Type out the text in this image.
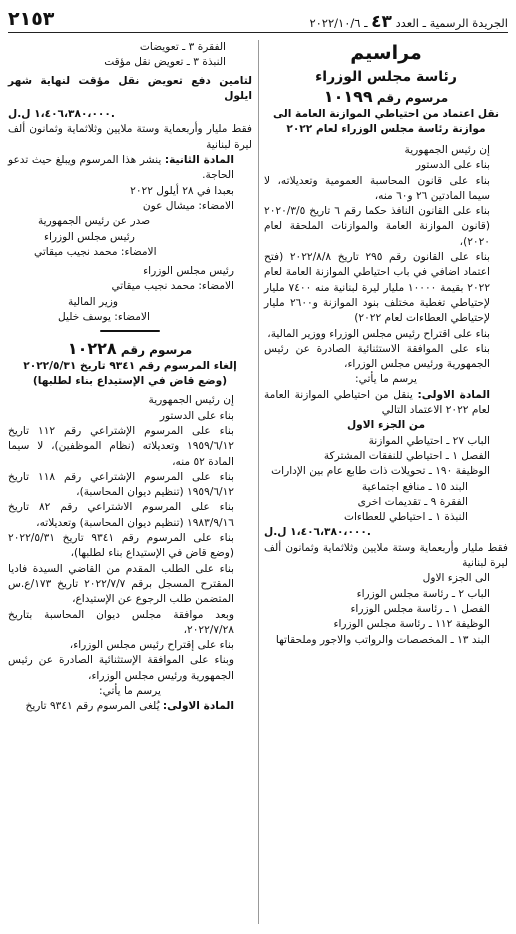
الجريدة الرسمية ـ العدد ٤٣ ـ ٢٠٢٢/١٠/٦
٢١٥٣
مراسيم
رئاسة مجلس الوزراء
مرسوم رقم ١٠١٩٩
نقل اعتماد من احتياطي الموازنة العامة الى موازنة رئاسة مجلس الوزراء لعام ٢٠٢٢

إن رئيس الجمهورية

بناء على الدستور

بناء على قانون المحاسبة العمومية وتعديلاته، لا سيما المادتين ٢٦ و٦٠ منه،

بناء على القانون النافذ حكما رقم ٦ تاريخ ٢٠٢٠/٣/٥ (قانون الموازنة العامة والموازنات الملحقة لعام ٢٠٢٠)،

بناء على القانون رقم ٢٩٥ تاريخ ٢٠٢٢/٨/٨ (فتح اعتماد اضافي في باب احتياطي الموازنة العامة لعام ٢٠٢٢ بقيمة ١٠٠٠٠ مليار ليرة لبنانية منه ٧٤٠٠ مليار لإحتياطي تغطية مختلف بنود الموازنة و٢٦٠٠ مليار لإحتياطي العطاءات لعام ٢٠٢٢)

بناء على اقتراح رئيس مجلس الوزراء ووزير المالية،

بناء على الموافقة الاستثنائية الصادرة عن رئيس الجمهورية ورئيس مجلس الوزراء،

يرسم ما يأتي:

المادة الاولى: ينقل من احتياطي الموازنة العامة لعام ٢٠٢٢ الاعتماد التالي

من الجزء الاول

الباب ٢٧ ـ احتياطي الموازنة

الفصل ١ ـ احتياطي للنفقات المشتركة

الوظيفة ١٩٠ ـ تحويلات ذات طابع عام بين الإدارات

البند ١٥ ـ منافع اجتماعية

الفقرة ٩ ـ تقديمات اخرى

النبذة ١ ـ احتياطي للعطاءات

١،٤٠٦،٣٨٠،٠٠٠ ل.ل.

فقط مليار وأربعماية وستة ملايين وثلاثماية وثمانون ألف ليرة لبنانية

الى الجزء الاول

الباب ٢ ـ رئاسة مجلس الوزراء

الفصل ١ ـ رئاسة مجلس الوزراء

الوظيفة ١١٢ ـ رئاسة مجلس الوزراء

البند ١٣ ـ المخصصات والرواتب والاجور وملحقاتها

الفقرة ٣ ـ تعويضات

النبذة ٣ ـ تعويض نقل مؤقت

لتامين دفع تعويض نقل مؤقت لنهاية شهر ايلول

١،٤٠٦،٣٨٠،٠٠٠ ل.ل.

فقط مليار وأربعماية وستة ملايين وثلاثماية وثمانون ألف ليرة لبنانية

المادة الثانية: ينشر هذا المرسوم ويبلغ حيث تدعو الحاجة.

بعبدا في ٢٨ أيلول ٢٠٢٢

الامضاء: ميشال عون

صدر عن رئيس الجمهورية

رئيس مجلس الوزراء

الامضاء: محمد نجيب ميقاتي

رئيس مجلس الوزراء

الامضاء: محمد نجيب ميقاتي

وزير المالية

الامضاء: يوسف خليل

مرسوم رقم ١٠٢٢٨
إلغاء المرسوم رقم ٩٣٤١ تاريخ ٢٠٢٢/٥/٣١
(وضع قاض في الإستيداع بناء لطلبها)

إن رئيس الجمهورية

بناء على الدستور

بناء على المرسوم الإشتراعي رقم ١١٢ تاريخ ١٩٥٩/٦/١٢ وتعديلاته (نظام الموظفين)، لا سيما المادة ٥٢ منه،

بناء على المرسوم الإشتراعي رقم ١١٨ تاريخ ١٩٥٩/٦/١٢ (تنظيم ديوان المحاسبة)،

بناء على المرسوم الاشتراعي رقم ٨٢ تاريخ ١٩٨٣/٩/١٦ (تنظيم ديوان المحاسبة) وتعديلاته،

بناء على المرسوم رقم ٩٣٤١ تاريخ ٢٠٢٢/٥/٣١ (وضع قاض في الإستيداع بناء لطلبها)،

بناء على الطلب المقدم من القاضي السيدة فاديا المقترح المسجل برقم ٢٠٢٢/٧/٧ تاريخ ١٧٣/ع.س المتضمن طلب الرجوع عن الإستيداع،

وبعد موافقة مجلس ديوان المحاسبة بتاريخ ٢٠٢٢/٧/٢٨،

بناء على إقتراح رئيس مجلس الوزراء،

وبناء على الموافقة الإستثنائية الصادرة عن رئيس الجمهورية ورئيس مجلس الوزراء،

يرسم ما يأتي:

المادة الاولى: يُلغى المرسوم رقم ٩٣٤١ تاريخ
